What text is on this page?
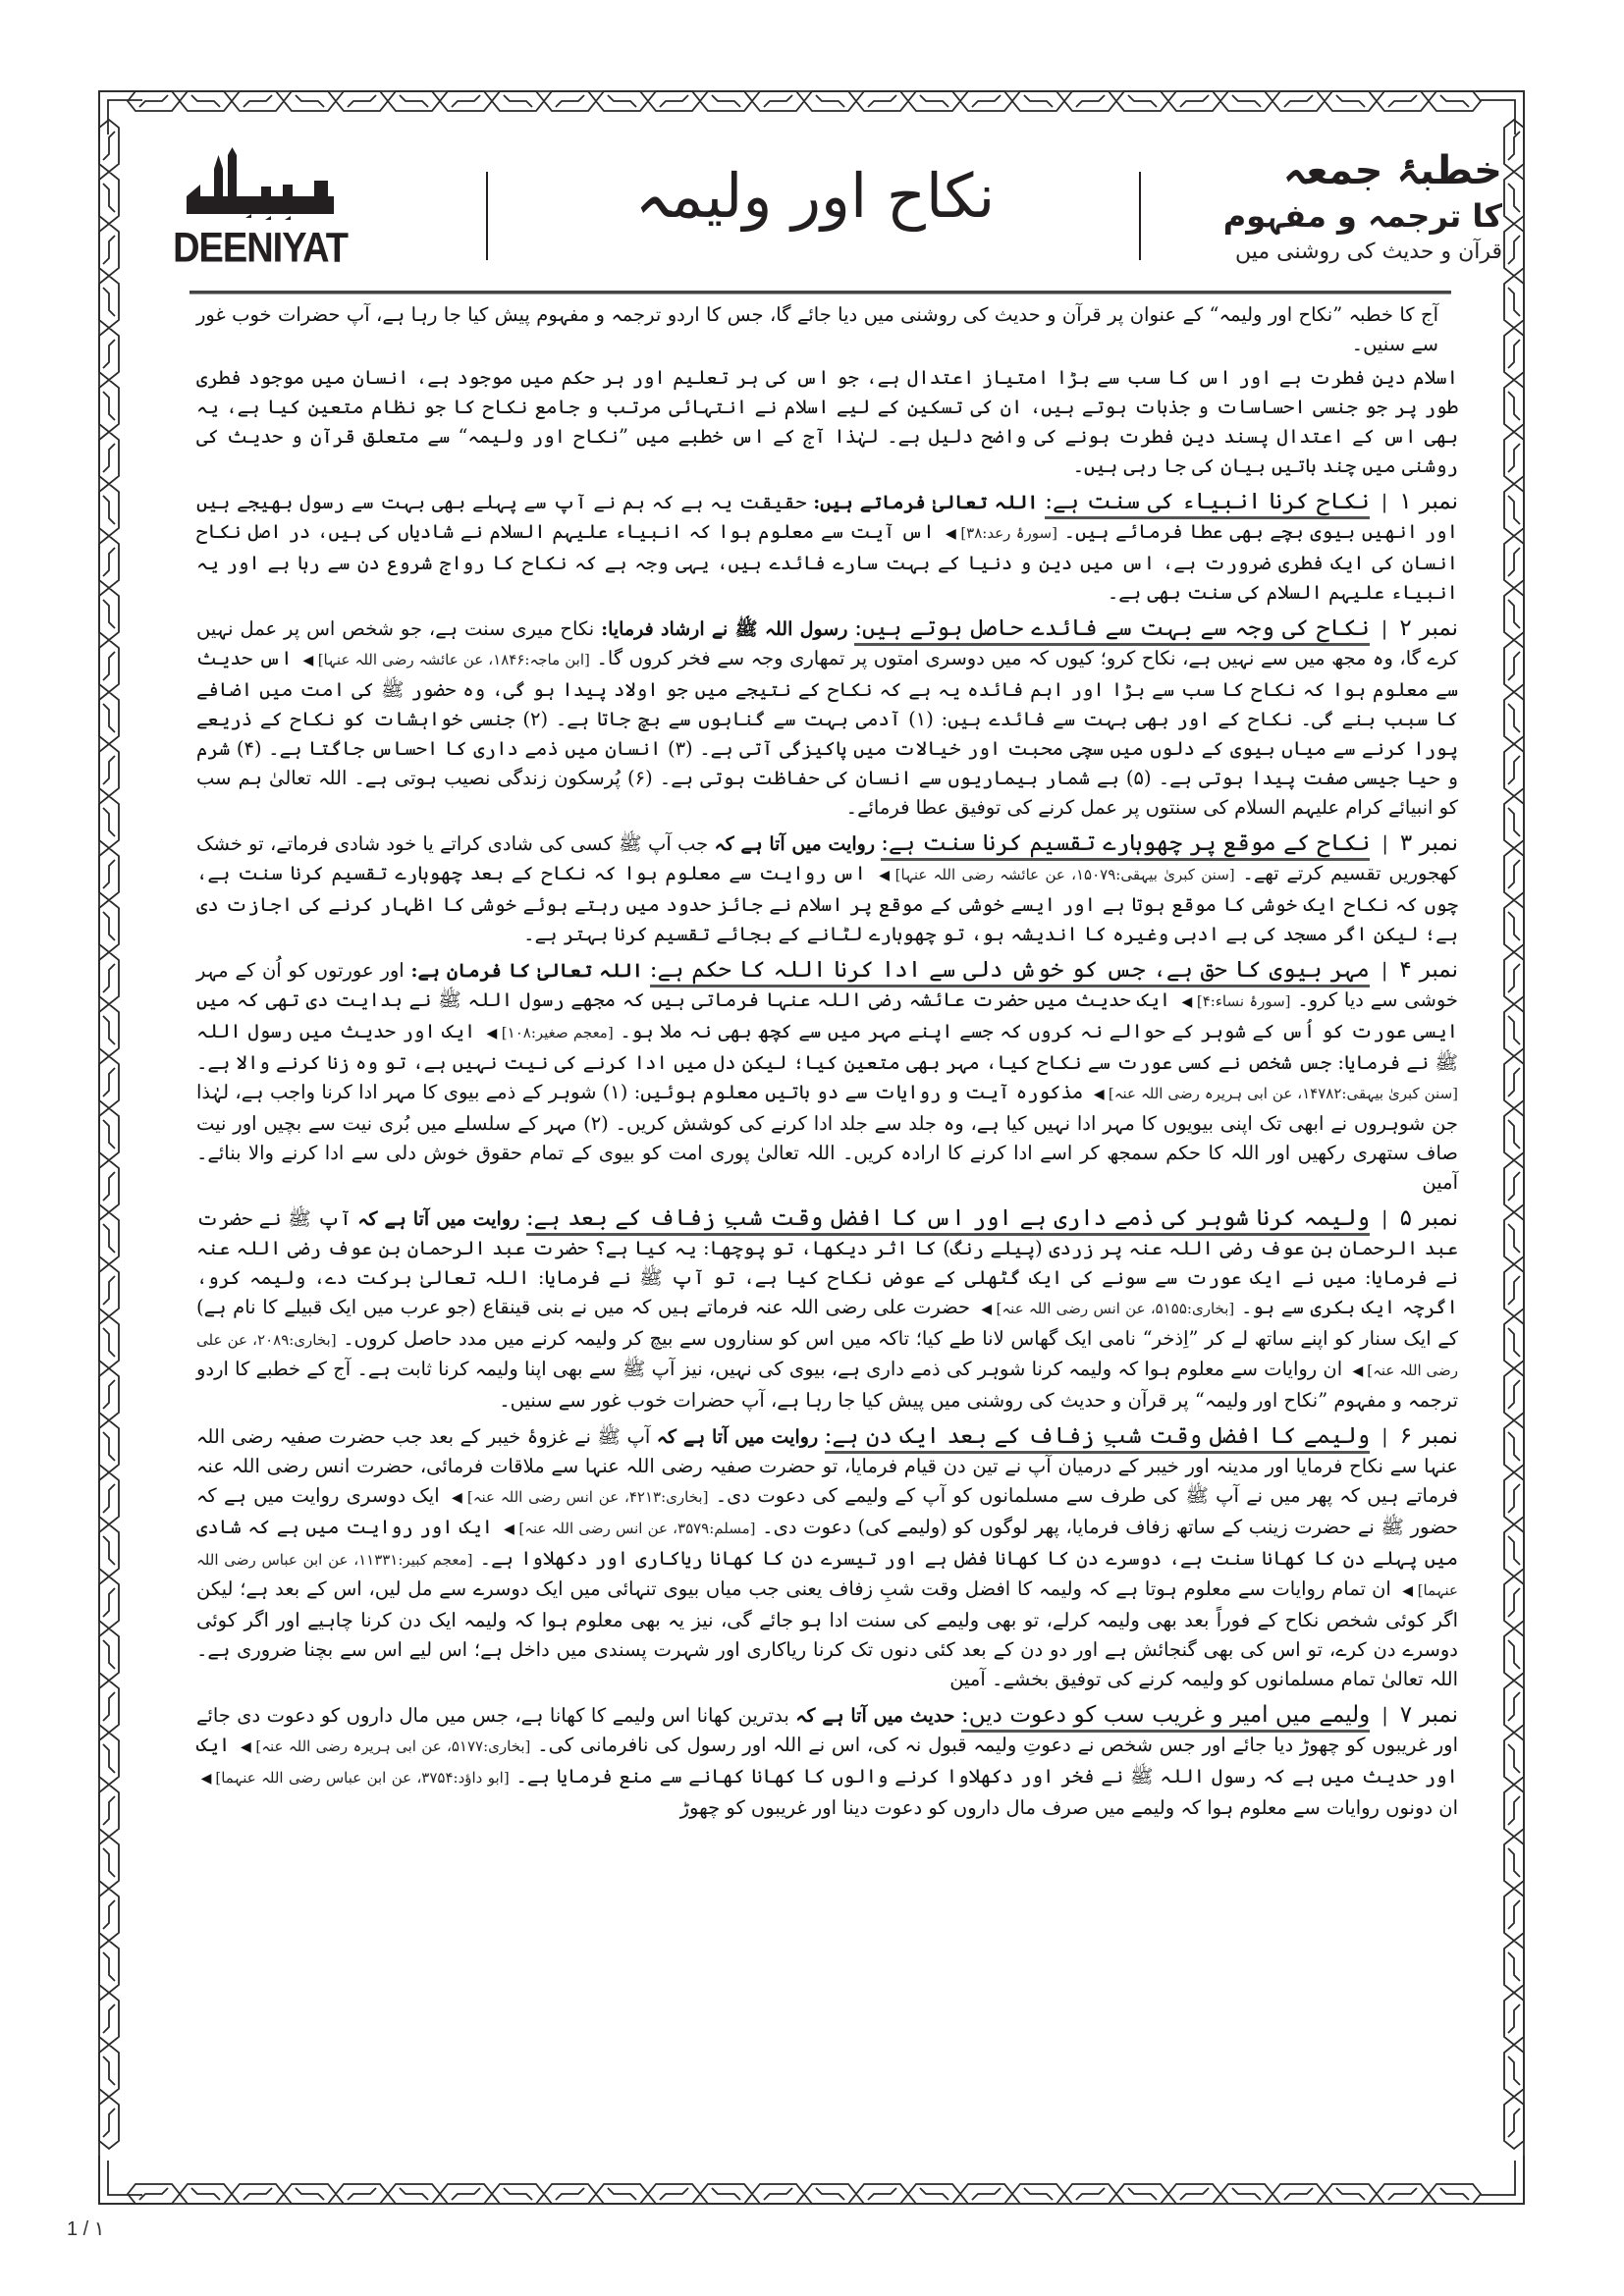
DEENIYAT
نکاح اور ولیمہ	خطبۂ جمعہ
کا ترجمہ و مفہوم
قرآن و حدیث کی روشنی میں

آج کا خطبہ ”نکاح اور ولیمہ“ کے عنوان پر قرآن و حدیث کی روشنی میں دیا جائے گا، جس کا اردو ترجمہ و مفہوم پیش کیا جا رہا ہے، آپ حضرات خوب غور سے سنیں۔

اسلام دینِ فطرت ہے اور اس کا سب سے بڑا امتیاز اعتدال ہے، جو اس کی ہر تعلیم اور ہر حکم میں موجود ہے، انسان میں موجود فطری طور پر جو جنسی احساسات و جذبات ہوتے ہیں، ان کی تسکین کے لیے اسلام نے انتہائی مرتب و جامع نکاح کا جو نظام متعین کیا ہے، یہ بھی اس کے اعتدال پسند دینِ فطرت ہونے کی واضح دلیل ہے۔ لہٰذا آج کے اس خطبے میں ”نکاح اور ولیمہ“ سے متعلق قرآن و حدیث کی روشنی میں چند باتیں بیان کی جا رہی ہیں۔

نمبر ۱|نکاح کرنا انبیاء کی سنت ہے: اللہ تعالیٰ فرماتے ہیں: حقیقت یہ ہے کہ ہم نے آپ سے پہلے بھی بہت سے رسول بھیجے ہیں اور انھیں بیوی بچے بھی عطا فرمائے ہیں۔ [سورۂ رعد:۳۸]◀ اس آیت سے معلوم ہوا کہ انبیاء علیہم السلام نے شادیاں کی ہیں، در اصل نکاح انسان کی ایک فطری ضرورت ہے، اس میں دین و دنیا کے بہت سارے فائدے ہیں، یہی وجہ ہے کہ نکاح کا رواج شروع دن سے رہا ہے اور یہ انبیاء علیہم السلام کی سنت بھی ہے۔

نمبر ۲|نکاح کی وجہ سے بہت سے فائدے حاصل ہوتے ہیں: رسول اللہ ﷺ نے ارشاد فرمایا: نکاح میری سنت ہے، جو شخص اس پر عمل نہیں کرے گا، وہ مجھ میں سے نہیں ہے، نکاح کرو؛ کیوں کہ میں دوسری امتوں پر تمھاری وجہ سے فخر کروں گا۔ [ابن ماجہ:۱۸۴۶، عن عائشہ رضی اللہ عنہا]◀ اس حدیث سے معلوم ہوا کہ نکاح کا سب سے بڑا اور اہم فائدہ یہ ہے کہ نکاح کے نتیجے میں جو اولاد پیدا ہو گی، وہ حضور ﷺ کی امت میں اضافے کا سبب بنے گی۔ نکاح کے اور بھی بہت سے فائدے ہیں: (۱) آدمی بہت سے گناہوں سے بچ جاتا ہے۔ (۲) جنسی خواہشات کو نکاح کے ذریعے پورا کرنے سے میاں بیوی کے دلوں میں سچی محبت اور خیالات میں پاکیزگی آتی ہے۔ (۳) انسان میں ذمے داری کا احساس جاگتا ہے۔ (۴) شرم و حیا جیسی صفت پیدا ہوتی ہے۔ (۵) بے شمار بیماریوں سے انسان کی حفاظت ہوتی ہے۔ (۶) پُرسکون زندگی نصیب ہوتی ہے۔ اللہ تعالیٰ ہم سب کو انبیائے کرام علیہم السلام کی سنتوں پر عمل کرنے کی توفیق عطا فرمائے۔

نمبر ۳|نکاح کے موقع پر چھوہارے تقسیم کرنا سنت ہے: روایت میں آتا ہے کہ جب آپ ﷺ کسی کی شادی کراتے یا خود شادی فرماتے، تو خشک کھجوریں تقسیم کرتے تھے۔ [سنن کبریٰ بیہقی:۱۵۰۷۹، عن عائشہ رضی اللہ عنہا]◀ اس روایت سے معلوم ہوا کہ نکاح کے بعد چھوہارے تقسیم کرنا سنت ہے، چوں کہ نکاح ایک خوشی کا موقع ہوتا ہے اور ایسے خوشی کے موقع پر اسلام نے جائز حدود میں رہتے ہوئے خوشی کا اظہار کرنے کی اجازت دی ہے؛ لیکن اگر مسجد کی بے ادبی وغیرہ کا اندیشہ ہو، تو چھوہارے لٹانے کے بجائے تقسیم کرنا بہتر ہے۔

نمبر ۴|مہر بیوی کا حق ہے، جس کو خوش دلی سے ادا کرنا اللہ کا حکم ہے: اللہ تعالیٰ کا فرمان ہے: اور عورتوں کو اُن کے مہر خوشی سے دیا کرو۔ [سورۂ نساء:۴]◀ ایک حدیث میں حضرت عائشہ رضی اللہ عنہا فرماتی ہیں کہ مجھے رسول اللہ ﷺ نے ہدایت دی تھی کہ میں ایسی عورت کو اُس کے شوہر کے حوالے نہ کروں کہ جسے اپنے مہر میں سے کچھ بھی نہ ملا ہو۔ [معجم صغیر:۱۰۸]◀ ایک اور حدیث میں رسول اللہ ﷺ نے فرمایا: جس شخص نے کسی عورت سے نکاح کیا، مہر بھی متعین کیا؛ لیکن دل میں ادا کرنے کی نیت نہیں ہے، تو وہ زنا کرنے والا ہے۔ [سنن کبریٰ بیہقی:۱۴۷۸۲، عن ابی ہریرہ رضی اللہ عنہ]◀ مذکورہ آیت و روایات سے دو باتیں معلوم ہوئیں: (۱) شوہر کے ذمے بیوی کا مہر ادا کرنا واجب ہے، لہٰذا جن شوہروں نے ابھی تک اپنی بیویوں کا مہر ادا نہیں کیا ہے، وہ جلد سے جلد ادا کرنے کی کوشش کریں۔ (۲) مہر کے سلسلے میں بُری نیت سے بچیں اور نیت صاف ستھری رکھیں اور اللہ کا حکم سمجھ کر اسے ادا کرنے کا ارادہ کریں۔ اللہ تعالیٰ پوری امت کو بیوی کے تمام حقوق خوش دلی سے ادا کرنے والا بنائے۔ آمین

نمبر ۵|ولیمہ کرنا شوہر کی ذمے داری ہے اور اس کا افضل وقت شبِ زفاف کے بعد ہے: روایت میں آتا ہے کہ آپ ﷺ نے حضرت عبد الرحمان بن عوف رضی اللہ عنہ پر زردی (پیلے رنگ) کا اثر دیکھا، تو پوچھا: یہ کیا ہے؟ حضرت عبد الرحمان بن عوف رضی اللہ عنہ نے فرمایا: میں نے ایک عورت سے سونے کی ایک گٹھلی کے عوض نکاح کیا ہے، تو آپ ﷺ نے فرمایا: اللہ تعالیٰ برکت دے، ولیمہ کرو، اگرچہ ایک بکری سے ہو۔ [بخاری:۵۱۵۵، عن انس رضی اللہ عنہ]◀ حضرت علی رضی اللہ عنہ فرماتے ہیں کہ میں نے بنی قینقاع (جو عرب میں ایک قبیلے کا نام ہے) کے ایک سنار کو اپنے ساتھ لے کر ”اِذخر“ نامی ایک گھاس لانا طے کیا؛ تاکہ میں اس کو سناروں سے بیچ کر ولیمہ کرنے میں مدد حاصل کروں۔ [بخاری:۲۰۸۹، عن علی رضی اللہ عنہ]◀ ان روایات سے معلوم ہوا کہ ولیمہ کرنا شوہر کی ذمے داری ہے، بیوی کی نہیں، نیز آپ ﷺ سے بھی اپنا ولیمہ کرنا ثابت ہے۔ آج کے خطبے کا اردو ترجمہ و مفہوم ”نکاح اور ولیمہ“ پر قرآن و حدیث کی روشنی میں پیش کیا جا رہا ہے، آپ حضرات خوب غور سے سنیں۔

نمبر ۶|ولیمے کا افضل وقت شبِ زفاف کے بعد ایک دن ہے: روایت میں آتا ہے کہ آپ ﷺ نے غزوۂ خیبر کے بعد جب حضرت صفیہ رضی اللہ عنہا سے نکاح فرمایا اور مدینہ اور خیبر کے درمیان آپ نے تین دن قیام فرمایا، تو حضرت صفیہ رضی اللہ عنہا سے ملاقات فرمائی، حضرت انس رضی اللہ عنہ فرماتے ہیں کہ پھر میں نے آپ ﷺ کی طرف سے مسلمانوں کو آپ کے ولیمے کی دعوت دی۔ [بخاری:۴۲۱۳، عن انس رضی اللہ عنہ]◀ ایک دوسری روایت میں ہے کہ حضور ﷺ نے حضرت زینب کے ساتھ زفاف فرمایا، پھر لوگوں کو (ولیمے کی) دعوت دی۔ [مسلم:۳۵۷۹، عن انس رضی اللہ عنہ]◀ ایک اور روایت میں ہے کہ شادی میں پہلے دن کا کھانا سنت ہے، دوسرے دن کا کھانا فضل ہے اور تیسرے دن کا کھانا ریاکاری اور دکھلاوا ہے۔ [معجم کبیر:۱۱۳۳۱، عن ابن عباس رضی اللہ عنہما]◀ ان تمام روایات سے معلوم ہوتا ہے کہ ولیمہ کا افضل وقت شبِ زفاف یعنی جب میاں بیوی تنہائی میں ایک دوسرے سے مل لیں، اس کے بعد ہے؛ لیکن اگر کوئی شخص نکاح کے فوراً بعد بھی ولیمہ کرلے، تو بھی ولیمے کی سنت ادا ہو جائے گی، نیز یہ بھی معلوم ہوا کہ ولیمہ ایک دن کرنا چاہیے اور اگر کوئی دوسرے دن کرے، تو اس کی بھی گنجائش ہے اور دو دن کے بعد کئی دنوں تک کرنا ریاکاری اور شہرت پسندی میں داخل ہے؛ اس لیے اس سے بچنا ضروری ہے۔ اللہ تعالیٰ تمام مسلمانوں کو ولیمہ کرنے کی توفیق بخشے۔ آمین

نمبر ۷|ولیمے میں امیر و غریب سب کو دعوت دیں: حدیث میں آتا ہے کہ بدترین کھانا اس ولیمے کا کھانا ہے، جس میں مال داروں کو دعوت دی جائے اور غریبوں کو چھوڑ دیا جائے اور جس شخص نے دعوتِ ولیمہ قبول نہ کی، اس نے اللہ اور رسول کی نافرمانی کی۔ [بخاری:۵۱۷۷، عن ابی ہریرہ رضی اللہ عنہ]◀ ایک اور حدیث میں ہے کہ رسول اللہ ﷺ نے فخر اور دکھلاوا کرنے والوں کا کھانا کھانے سے منع فرمایا ہے۔ [ابو داؤد:۳۷۵۴، عن ابن عباس رضی اللہ عنہما]◀ ان دونوں روایات سے معلوم ہوا کہ ولیمے میں صرف مال داروں کو دعوت دینا اور غریبوں کو چھوڑ

1 / ۱
